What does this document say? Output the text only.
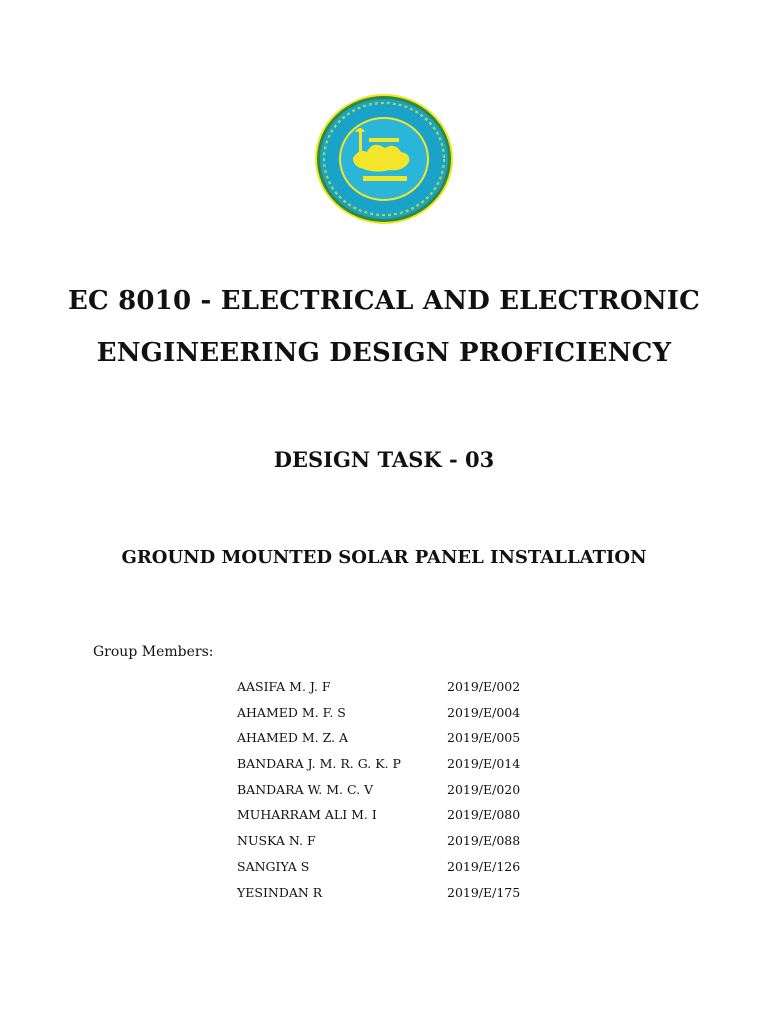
EC 8010 - ELECTRICAL AND ELECTRONIC
ENGINEERING DESIGN PROFICIENCY
DESIGN TASK - 03
GROUND MOUNTED SOLAR PANEL INSTALLATION
Group Members:
AASIFA M. J. F	2019/E/002
AHAMED M. F. S	2019/E/004
AHAMED M. Z. A	2019/E/005
BANDARA J. M. R. G. K. P	2019/E/014
BANDARA W. M. C. V	2019/E/020
MUHARRAM ALI M. I	2019/E/080
NUSKA N. F	2019/E/088
SANGIYA S	2019/E/126
YESINDAN R	2019/E/175
